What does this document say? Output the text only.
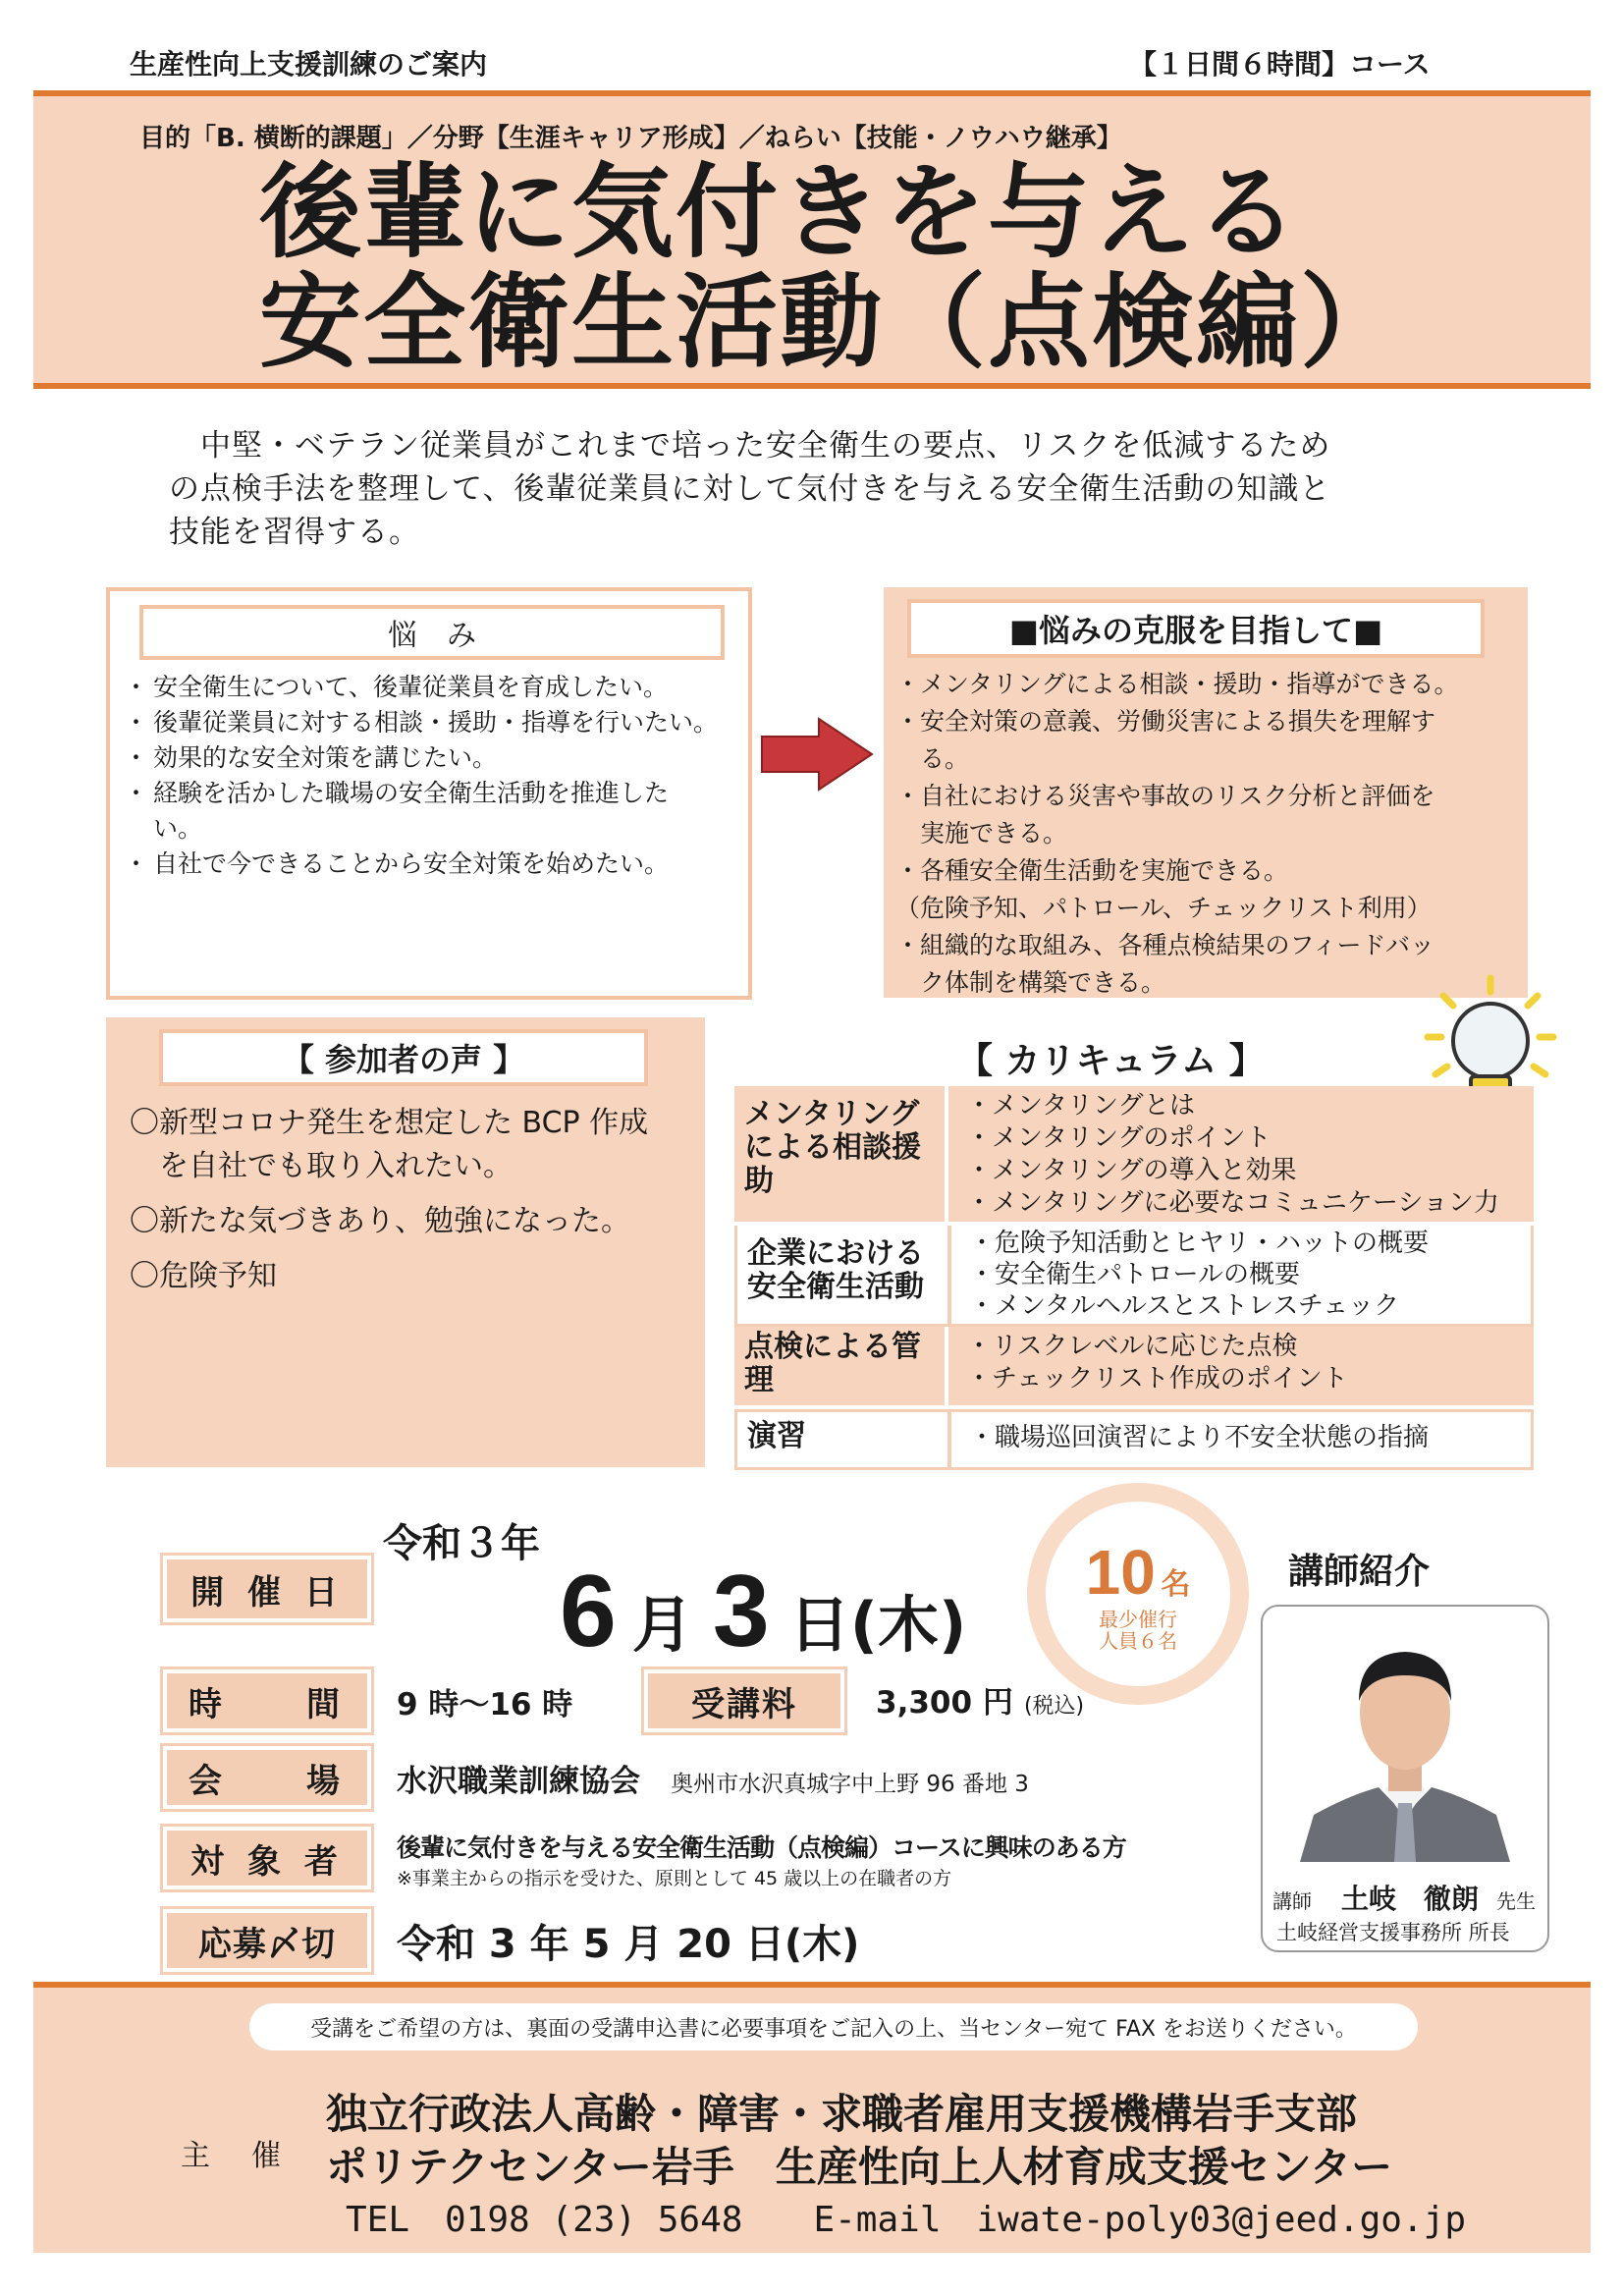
生産性向上支援訓練のご案内	【１日間６時間】コース
目的「B. 横断的課題」／分野【生涯キャリア形成】／ねらい【技能・ノウハウ継承】
後輩に気付きを与える
安全衛生活動（点検編）
中堅・ベテラン従業員がこれまで培った安全衛生の要点、リスクを低減するため
の点検手法を整理して、後輩従業員に対して気付きを与える安全衛生活動の知識と
技能を習得する。
悩　み
・ 安全衛生について、後輩従業員を育成したい。
・ 後輩従業員に対する相談・援助・指導を行いたい。
・ 効果的な安全対策を講じたい。
・ 経験を活かした職場の安全衛生活動を推進した
い。
・ 自社で今できることから安全対策を始めたい。
■悩みの克服を目指して■
・メンタリングによる相談・援助・指導ができる。
・安全対策の意義、労働災害による損失を理解す
　る。
・自社における災害や事故のリスク分析と評価を
　実施できる。
・各種安全衛生活動を実施できる。
（危険予知、パトロール、チェックリスト利用）
・組織的な取組み、各種点検結果のフィードバッ
　ク体制を構築できる。
【 参加者の声 】
〇新型コロナ発生を想定した BCP 作成
　を自社でも取り入れたい。
〇新たな気づきあり、勉強になった。
〇危険予知
【 カリキュラム 】
メンタリングによる相談援助
・メンタリングとは
・メンタリングのポイント
・メンタリングの導入と効果
・メンタリングに必要なコミュニケーション力
企業における安全衛生活動
・危険予知活動とヒヤリ・ハットの概要
・安全衛生パトロールの概要
・メンタルヘルスとストレスチェック
点検による管理
・リスクレベルに応じた点検
・チェックリスト作成のポイント
演習	・職場巡回演習により不安全状態の指摘
令和３年
開 催 日 6 月 3 日 (木)
10 名
最少催行
人員６名
講師紹介
講師 土岐　徹朗 先生
土岐経営支援事務所 所長
時　　間	9 時～16 時	受講料	3,300 円 (税込)
会　　場	水沢職業訓練協会 奥州市水沢真城字中上野 96 番地 3
対 象 者	後輩に気付きを与える安全衛生活動（点検編）コースに興味のある方
※事業主からの指示を受けた、原則として 45 歳以上の在職者の方
応募〆切	令和 3 年 5 月 20 日(木)
受講をご希望の方は、裏面の受講申込書に必要事項をご記入の上、当センター宛て FAX をお送りください。
主　催
独立行政法人高齢・障害・求職者雇用支援機構岩手支部
ポリテクセンター岩手　生産性向上人材育成支援センター
TEL　0198 (23) 5648　　E-mail　iwate-poly03@jeed.go.jp
